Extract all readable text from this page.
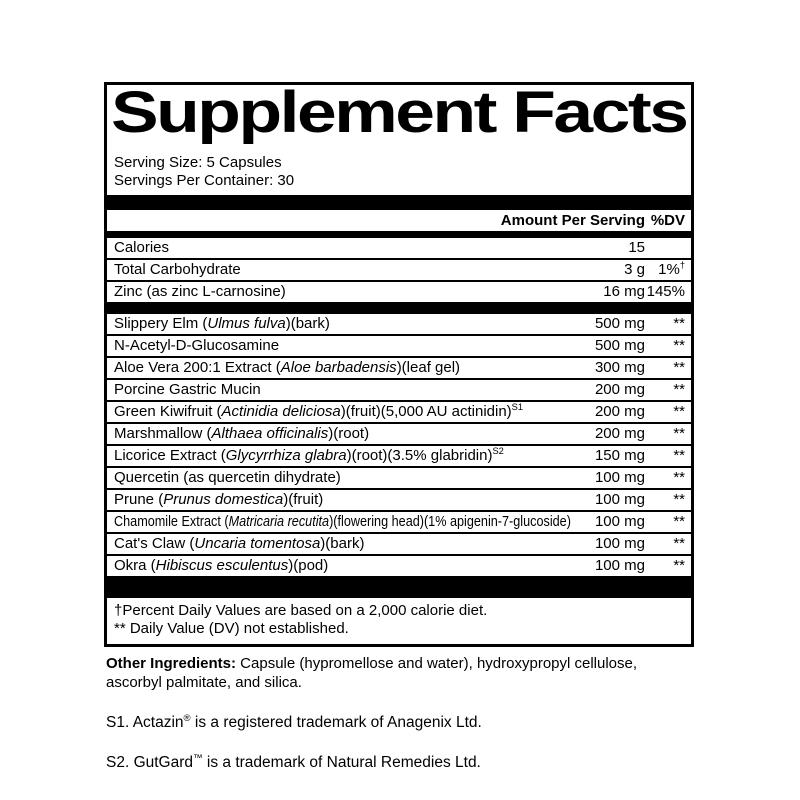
Supplement Facts
Serving Size: 5 Capsules
Servings Per Container: 30
Amount Per Serving %DV
Calories	15
Total Carbohydrate	3 g 1%†
Zinc (as zinc L-carnosine)	16 mg 145%
Slippery Elm (Ulmus fulva)(bark)	500 mg	**
N-Acetyl-D-Glucosamine	500 mg	**
Aloe Vera 200:1 Extract (Aloe barbadensis)(leaf gel)	300 mg	**
Porcine Gastric Mucin	200 mg	**
Green Kiwifruit (Actinidia deliciosa)(fruit)(5,000 AU actinidin)$^{S1}$	200 mg	**
Marshmallow (Althaea officinalis)(root)	200 mg	**
Licorice Extract (Glycyrrhiza glabra)(root)(3.5% glabridin)$^{S2}$	150 mg	**
Quercetin (as quercetin dihydrate)	100 mg	**
Prune (Prunus domestica)(fruit)	100 mg	**
Chamomile Extract (Matricaria recutita)(flowering head)(1% apigenin-7-glucoside)	100 mg	**
Cat's Claw (Uncaria tomentosa)(bark)	100 mg	**
Okra (Hibiscus esculentus)(pod)	100 mg	**
†Percent Daily Values are based on a 2,000 calorie diet.
** Daily Value (DV) not established.

Other Ingredients: Capsule (hypromellose and water), hydroxypropyl cellulose, ascorbyl palmitate, and silica.

S1. Actazin® is a registered trademark of Anagenix Ltd.

S2. GutGard™ is a trademark of Natural Remedies Ltd.
